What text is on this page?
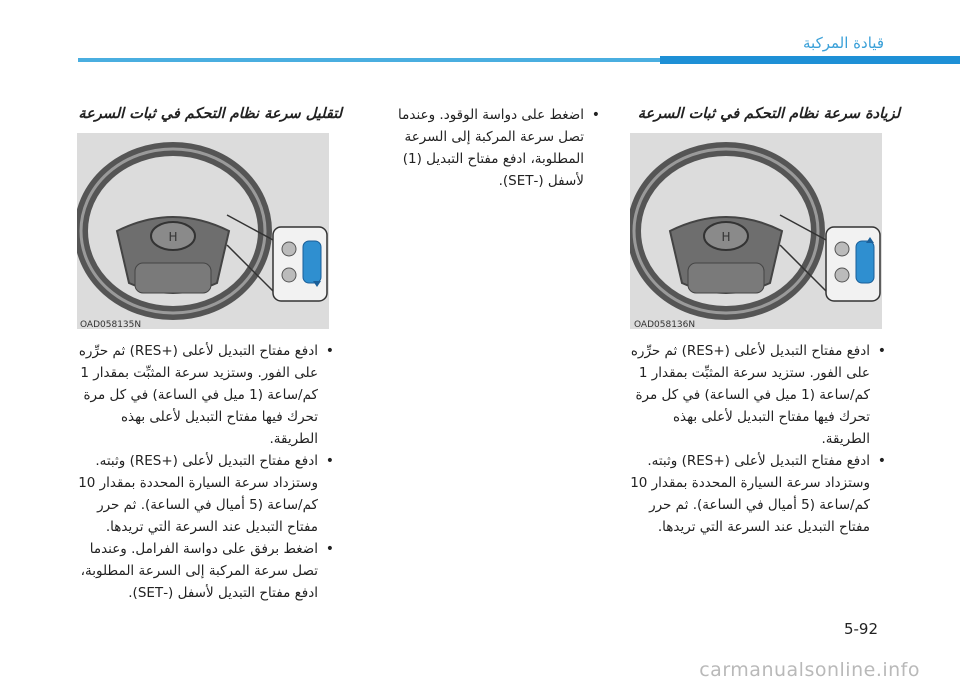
قيادة المركبة
لزيادة سرعة نظام التحكم في ثبات السرعة
H
OAD058136N
• ادفع مفتاح التبديل لأعلى (+RES) ثم حرِّره على الفور. ستزيد سرعة المثبِّت بمقدار 1 كم/ساعة (1 ميل في الساعة) في كل مرة تحرك فيها مفتاح التبديل لأعلى بهذه الطريقة.
• ادفع مفتاح التبديل لأعلى (+RES) وثبته. وستزداد سرعة السيارة المحددة بمقدار 10 كم/ساعة (5 أميال في الساعة). ثم حرر مفتاح التبديل عند السرعة التي تريدها.
• اضغط على دواسة الوقود. وعندما تصل سرعة المركبة إلى السرعة المطلوبة، ادفع مفتاح التبديل (1) لأسفل (-SET).
لتقليل سرعة نظام التحكم في ثبات السرعة
H
OAD058135N
• ادفع مفتاح التبديل لأعلى (+RES) ثم حرِّره على الفور. وستزيد سرعة المثبِّت بمقدار 1 كم/ساعة (1 ميل في الساعة) في كل مرة تحرك فيها مفتاح التبديل لأعلى بهذه الطريقة.
• ادفع مفتاح التبديل لأعلى (+RES) وثبته. وستزداد سرعة السيارة المحددة بمقدار 10 كم/ساعة (5 أميال في الساعة). ثم حرر مفتاح التبديل عند السرعة التي تريدها.
• اضغط برفق على دواسة الفرامل. وعندما تصل سرعة المركبة إلى السرعة المطلوبة، ادفع مفتاح التبديل لأسفل (-SET).
5-92
carmanualsonline.info
